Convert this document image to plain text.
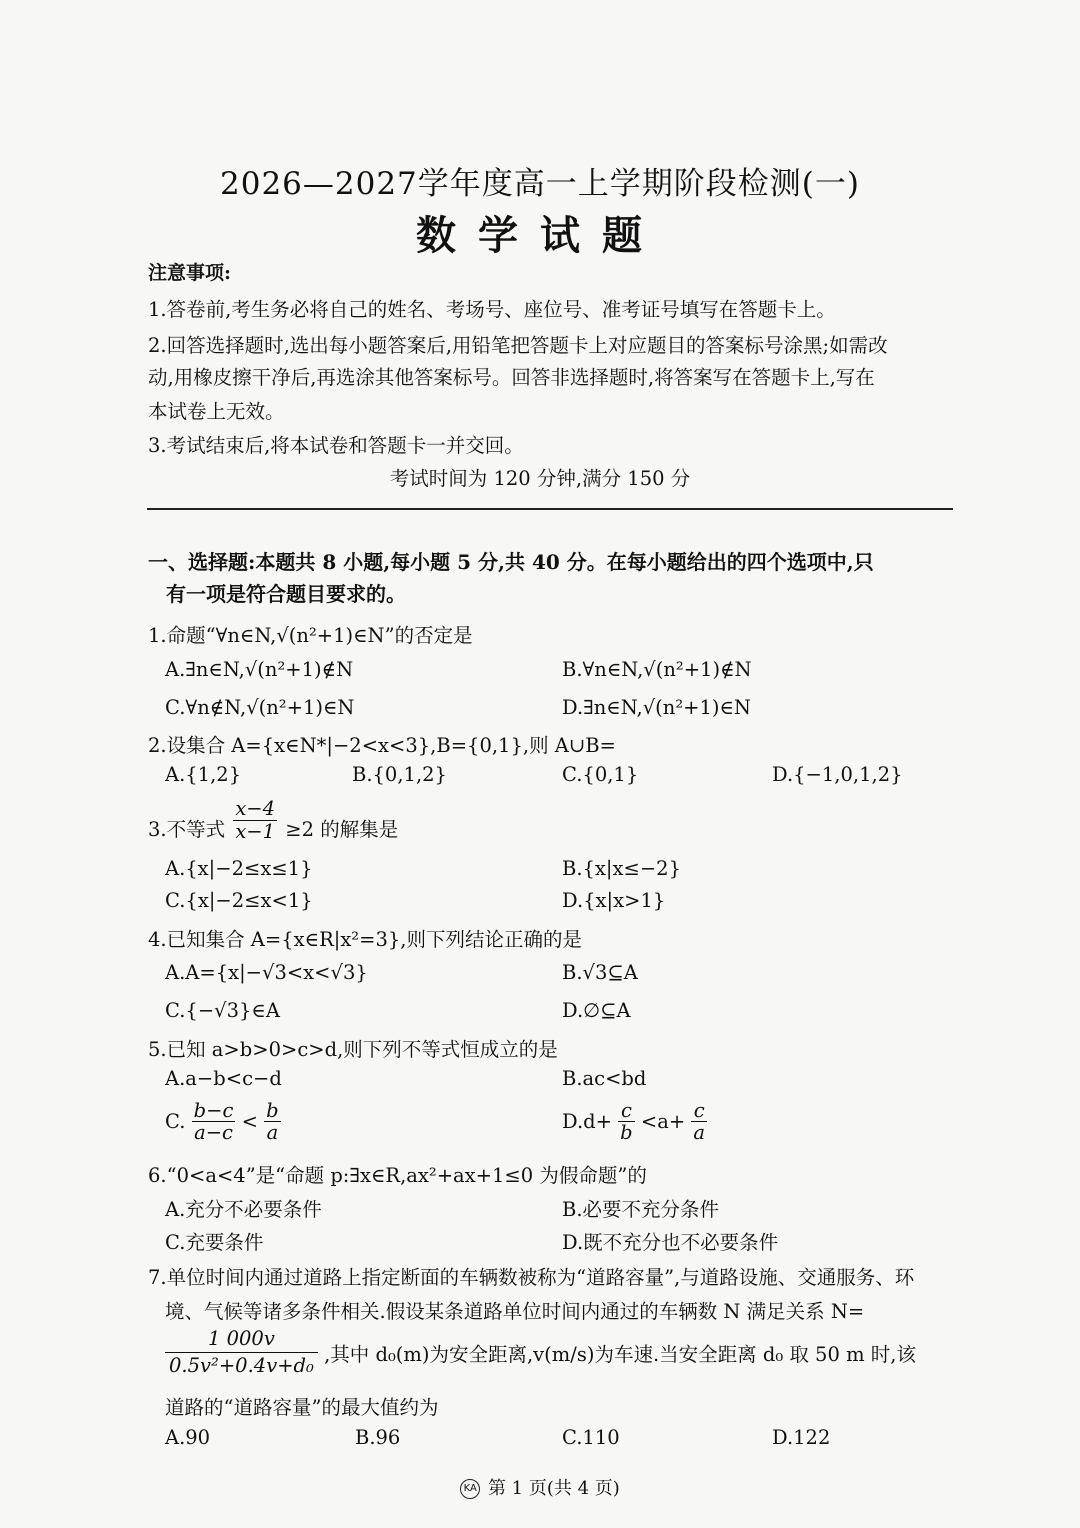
2026—2027学年度高一上学期阶段检测(一)
数学试题
注意事项:
1.答卷前,考生务必将自己的姓名、考场号、座位号、准考证号填写在答题卡上。
2.回答选择题时,选出每小题答案后,用铅笔把答题卡上对应题目的答案标号涂黑;如需改
动,用橡皮擦干净后,再选涂其他答案标号。回答非选择题时,将答案写在答题卡上,写在
本试卷上无效。
3.考试结束后,将本试卷和答题卡一并交回。
考试时间为 120 分钟,满分 150 分
一、选择题:本题共 8 小题,每小题 5 分,共 40 分。在每小题给出的四个选项中,只
有一项是符合题目要求的。
1.命题“∀n∈N,√(n²+1)∈N”的否定是
A.∃n∈N,√(n²+1)∉N	B.∀n∈N,√(n²+1)∉N
C.∀n∉N,√(n²+1)∈N	D.∃n∈N,√(n²+1)∈N
2.设集合 A={x∈N*|−2<x<3},B={0,1},则 A∪B=
A.{1,2}	B.{0,1,2}	C.{0,1}	D.{−1,0,1,2}
3.不等式 $\frac{x-4}{x-1} \ge 2$ 的解集是
A.{x|−2≤x≤1}	B.{x|x≤−2}
C.{x|−2≤x<1}	D.{x|x>1}
4.已知集合 A={x∈R|x²=3},则下列结论正确的是
A.A={x|−√3<x<√3}	B.√3⊆A
C.{−√3}∈A	D.∅⊆A
5.已知 a>b>0>c>d,则下列不等式恒成立的是
A.a−b<c−d	B.ac<bd
C. $\frac{b-c}{a-c} < \frac{b}{a}$	$D.d+ \frac{c}{b} <a+ \frac{c}{a}$
6.“0<a<4”是“命题 p:∃x∈R,ax²+ax+1≤0 为假命题”的
A.充分不必要条件	B.必要不充分条件
C.充要条件	D.既不充分也不必要条件
7.单位时间内通过道路上指定断面的车辆数被称为“道路容量”,与道路设施、交通服务、环
境、气候等诸多条件相关.假设某条道路单位时间内通过的车辆数 N 满足关系 N=
$\frac{1 000v}{\text{0.5v²+0.4v+d₀}}$ ,其中 d₀(m)为安全距离,v(m/s)为车速.当安全距离 d₀ 取 50 m 时,该
道路的“道路容量”的最大值约为
A.90	B.96	C.110	D.122
KA 第 1 页(共 4 页)
